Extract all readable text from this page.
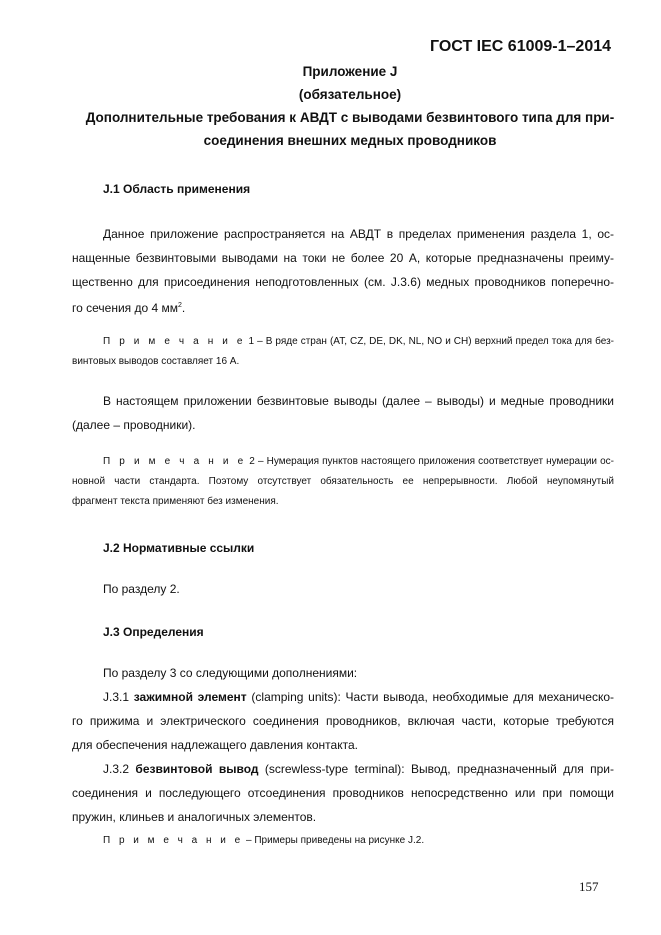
ГОСТ IEC 61009-1–2014
Приложение J
(обязательное)
Дополнительные требования к АВДТ с выводами безвинтового типа для при-
соединения внешних медных проводников
J.1 Область применения
Данное приложение распространяется на АВДТ в пределах применения раздела 1, ос-
нащенные безвинтовыми выводами на токи не более 20 А, которые предназначены преиму-
щественно для присоединения неподготовленных (см. J.3.6) медных проводников поперечно-
го сечения до 4 $мм^2$.
П р и м е ч а н и е 1 – В ряде стран (AT, CZ, DE, DK, NL, NO и CH) верхний предел тока для без-
винтовых выводов составляет 16 А.
В настоящем приложении безвинтовые выводы (далее – выводы) и медные проводники
(далее – проводники).
П р и м е ч а н и е 2 – Нумерация пунктов настоящего приложения соответствует нумерации ос-
новной части стандарта. Поэтому отсутствует обязательность ее непрерывности. Любой неупомянутый
фрагмент текста применяют без изменения.
J.2 Нормативные ссылки
По разделу 2.
J.3 Определения
По разделу 3 со следующими дополнениями:
J.3.1 зажимной элемент (clamping units): Части вывода, необходимые для механическо-
го прижима и электрического соединения проводников, включая части, которые требуются
для обеспечения надлежащего давления контакта.
J.3.2 безвинтовой вывод (screwless-type terminal): Вывод, предназначенный для при-
соединения и последующего отсоединения проводников непосредственно или при помощи
пружин, клиньев и аналогичных элементов.
П р и м е ч а н и е – Примеры приведены на рисунке J.2.
157
